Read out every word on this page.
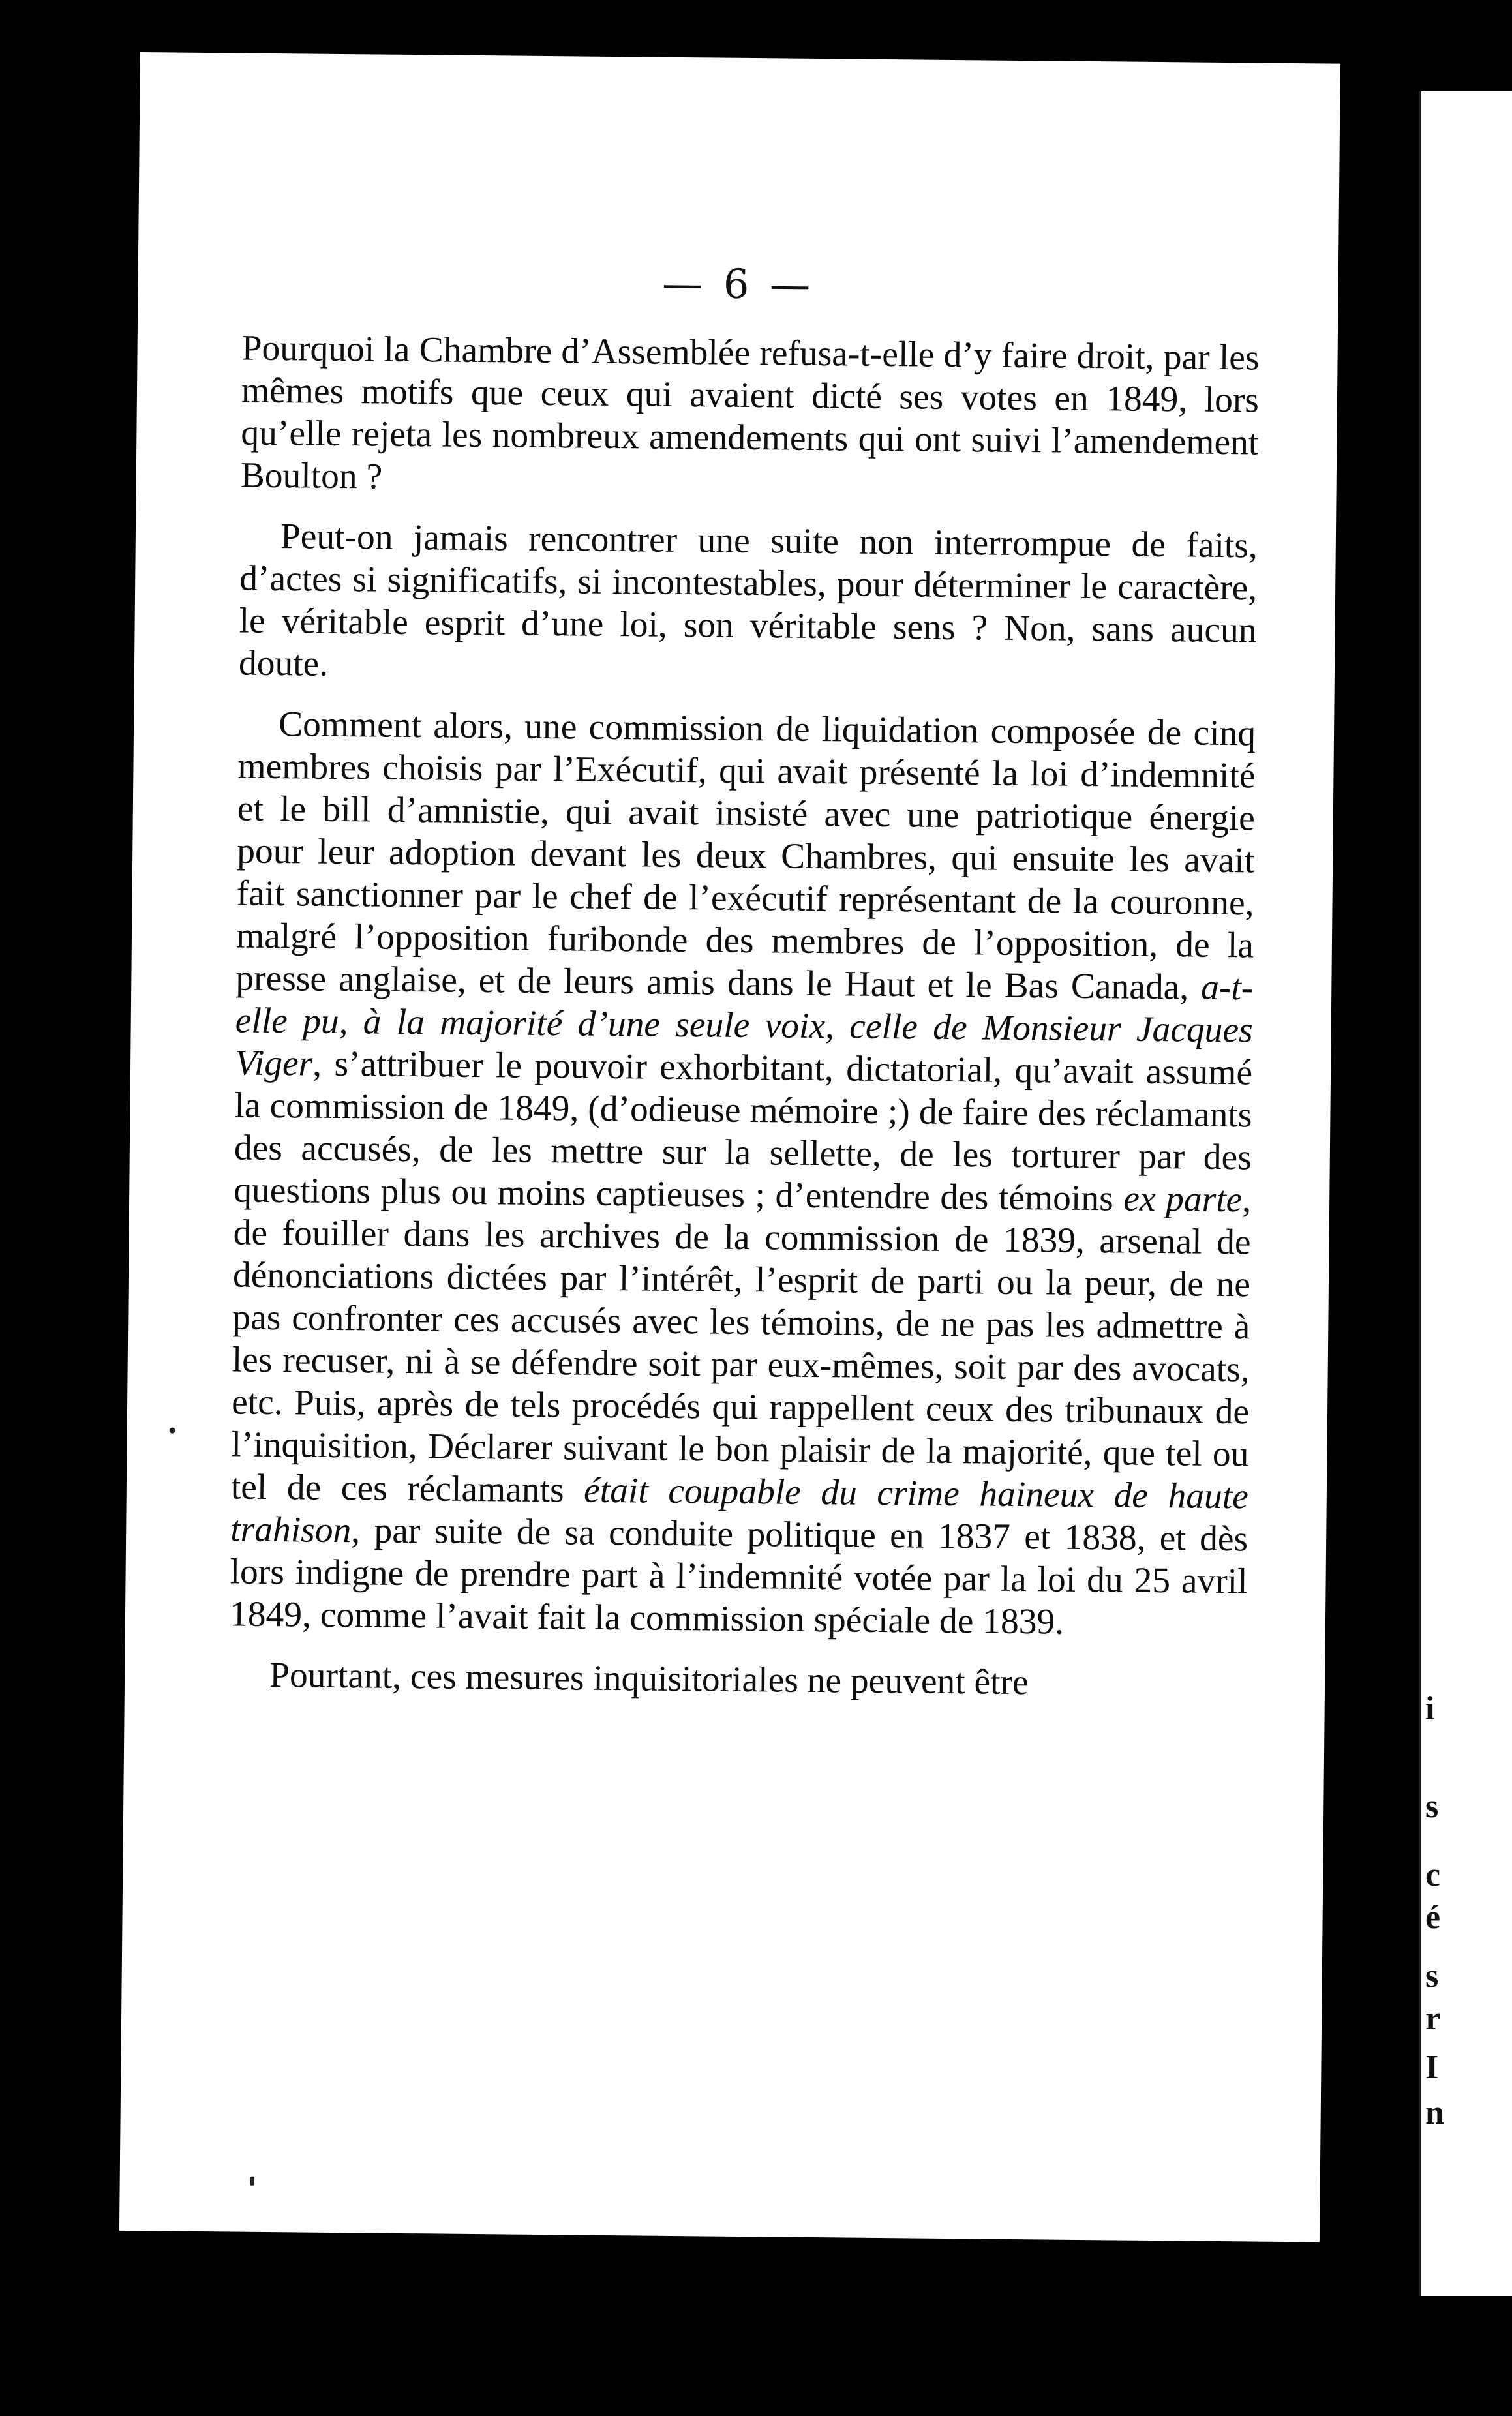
— 6 —

Pourquoi la Chambre d’Assemblée refusa-t-elle d’y faire droit, par les mêmes motifs que ceux qui avaient dicté ses votes en 1849, lors qu’elle rejeta les nombreux amendements qui ont suivi l’amendement Boulton ?

Peut-on jamais rencontrer une suite non interrompue de faits, d’actes si significatifs, si incontestables, pour déterminer le caractère, le véritable esprit d’une loi, son véritable sens ? Non, sans aucun doute.

Comment alors, une commission de liquidation composée de cinq membres choisis par l’Exécutif, qui avait présenté la loi d’indemnité et le bill d’amnistie, qui avait insisté avec une patriotique énergie pour leur adoption devant les deux Chambres, qui ensuite les avait fait sanctionner par le chef de l’exécutif représentant de la couronne, malgré l’opposition furibonde des membres de l’opposition, de la presse anglaise, et de leurs amis dans le Haut et le Bas Canada, a-t-elle pu, à la majorité d’une seule voix, celle de Monsieur Jacques Viger, s’attribuer le pouvoir exhorbitant, dictatorial, qu’avait assumé la commission de 1849, (d’odieuse mémoire ;) de faire des réclamants des accusés, de les mettre sur la sellette, de les torturer par des questions plus ou moins captieuses ; d’entendre des témoins ex parte, de fouiller dans les archives de la commission de 1839, arsenal de dénonciations dictées par l’intérêt, l’esprit de parti ou la peur, de ne pas confronter ces accusés avec les témoins, de ne pas les admettre à les recuser, ni à se défendre soit par eux-mêmes, soit par des avocats, etc. Puis, après de tels procédés qui rappellent ceux des tribunaux de l’inquisition, Déclarer suivant le bon plaisir de la majorité, que tel ou tel de ces réclamants était coupable du crime haineux de haute trahison, par suite de sa conduite politique en 1837 et 1838, et dès lors indigne de prendre part à l’indemnité votée par la loi du 25 avril 1849, comme l’avait fait la commission spéciale de 1839.

Pourtant, ces mesures inquisitoriales ne peuvent être

i
s
c
é
s
r
I
n
